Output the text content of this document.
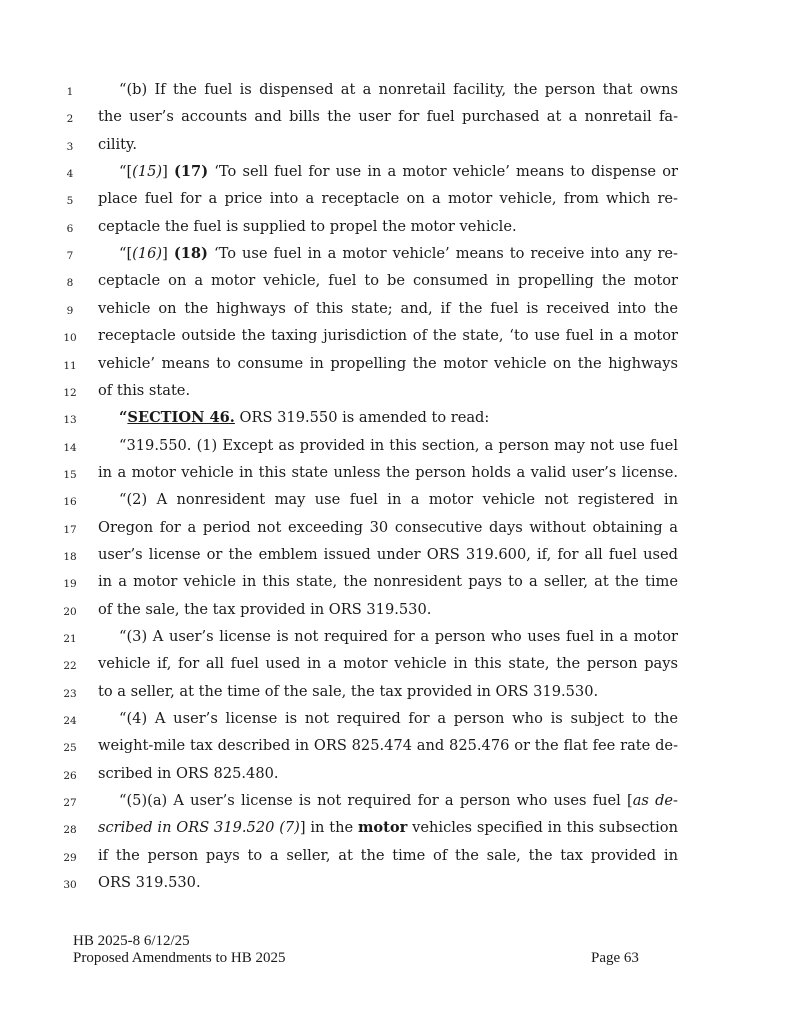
1	“(b) If the fuel is dispensed at a nonretail facility, the person that owns
2	the user’s accounts and bills the user for fuel purchased at a nonretail fa-
3	cility.
4	“[(15)] (17) ‘To sell fuel for use in a motor vehicle’ means to dispense or
5	place fuel for a price into a receptacle on a motor vehicle, from which re-
6	ceptacle the fuel is supplied to propel the motor vehicle.
7	“[(16)] (18) ‘To use fuel in a motor vehicle’ means to receive into any re-
8	ceptacle on a motor vehicle, fuel to be consumed in propelling the motor
9	vehicle on the highways of this state; and, if the fuel is received into the
10	receptacle outside the taxing jurisdiction of the state, ‘to use fuel in a motor
11	vehicle’ means to consume in propelling the motor vehicle on the highways
12	of this state.
13	“SECTION 46. ORS 319.550 is amended to read:
14	“319.550. (1) Except as provided in this section, a person may not use fuel
15	in a motor vehicle in this state unless the person holds a valid user’s license.
16	“(2) A nonresident may use fuel in a motor vehicle not registered in
17	Oregon for a period not exceeding 30 consecutive days without obtaining a
18	user’s license or the emblem issued under ORS 319.600, if, for all fuel used
19	in a motor vehicle in this state, the nonresident pays to a seller, at the time
20	of the sale, the tax provided in ORS 319.530.
21	“(3) A user’s license is not required for a person who uses fuel in a motor
22	vehicle if, for all fuel used in a motor vehicle in this state, the person pays
23	to a seller, at the time of the sale, the tax provided in ORS 319.530.
24	“(4) A user’s license is not required for a person who is subject to the
25	weight-mile tax described in ORS 825.474 and 825.476 or the flat fee rate de-
26	scribed in ORS 825.480.
27	“(5)(a) A user’s license is not required for a person who uses fuel [as de-
28	scribed in ORS 319.520 (7)] in the motor vehicles specified in this subsection
29	if the person pays to a seller, at the time of the sale, the tax provided in
30	ORS 319.530.
HB 2025-8 6/12/25
Proposed Amendments to HB 2025	Page 63
